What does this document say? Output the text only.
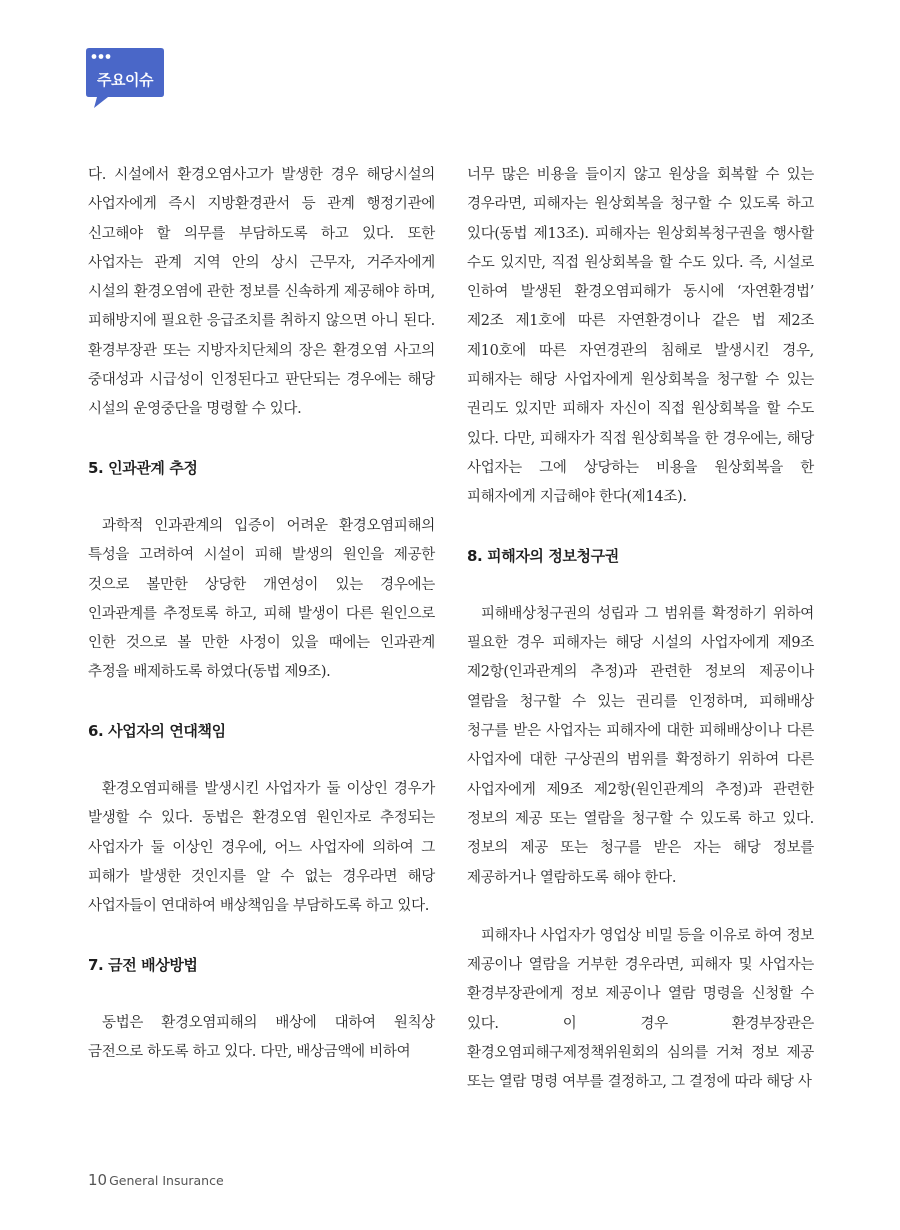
주요이슈

다. 시설에서 환경오염사고가 발생한 경우 해당시설의 사업자에게 즉시 지방환경관서 등 관계 행정기관에 신고해야 할 의무를 부담하도록 하고 있다. 또한 사업자는 관계 지역 안의 상시 근무자, 거주자에게 시설의 환경오염에 관한 정보를 신속하게 제공해야 하며, 피해방지에 필요한 응급조치를 취하지 않으면 아니 된다. 환경부장관 또는 지방자치단체의 장은 환경오염 사고의 중대성과 시급성이 인정된다고 판단되는 경우에는 해당 시설의 운영중단을 명령할 수 있다.

5. 인과관계 추정

과학적 인과관계의 입증이 어려운 환경오염피해의 특성을 고려하여 시설이 피해 발생의 원인을 제공한 것으로 볼만한 상당한 개연성이 있는 경우에는 인과관계를 추정토록 하고, 피해 발생이 다른 원인으로 인한 것으로 볼 만한 사정이 있을 때에는 인과관계 추정을 배제하도록 하였다(동법 제9조).

6. 사업자의 연대책임

환경오염피해를 발생시킨 사업자가 둘 이상인 경우가 발생할 수 있다. 동법은 환경오염 원인자로 추정되는 사업자가 둘 이상인 경우에, 어느 사업자에 의하여 그 피해가 발생한 것인지를 알 수 없는 경우라면 해당 사업자들이 연대하여 배상책임을 부담하도록 하고 있다.

7. 금전 배상방법

동법은 환경오염피해의 배상에 대하여 원칙상 금전으로 하도록 하고 있다. 다만, 배상금액에 비하여

너무 많은 비용을 들이지 않고 원상을 회복할 수 있는 경우라면, 피해자는 원상회복을 청구할 수 있도록 하고 있다(동법 제13조). 피해자는 원상회복청구권을 행사할 수도 있지만, 직접 원상회복을 할 수도 있다. 즉, 시설로 인하여 발생된 환경오염피해가 동시에 ‘자연환경법’ 제2조 제1호에 따른 자연환경이나 같은 법 제2조 제10호에 따른 자연경관의 침해로 발생시킨 경우, 피해자는 해당 사업자에게 원상회복을 청구할 수 있는 권리도 있지만 피해자 자신이 직접 원상회복을 할 수도 있다. 다만, 피해자가 직접 원상회복을 한 경우에는, 해당 사업자는 그에 상당하는 비용을 원상회복을 한 피해자에게 지급해야 한다(제14조).

8. 피해자의 정보청구권

피해배상청구권의 성립과 그 범위를 확정하기 위하여 필요한 경우 피해자는 해당 시설의 사업자에게 제9조 제2항(인과관계의 추정)과 관련한 정보의 제공이나 열람을 청구할 수 있는 권리를 인정하며, 피해배상 청구를 받은 사업자는 피해자에 대한 피해배상이나 다른 사업자에 대한 구상권의 범위를 확정하기 위하여 다른 사업자에게 제9조 제2항(원인관계의 추정)과 관련한 정보의 제공 또는 열람을 청구할 수 있도록 하고 있다. 정보의 제공 또는 청구를 받은 자는 해당 정보를 제공하거나 열람하도록 해야 한다.

피해자나 사업자가 영업상 비밀 등을 이유로 하여 정보 제공이나 열람을 거부한 경우라면, 피해자 및 사업자는 환경부장관에게 정보 제공이나 열람 명령을 신청할 수 있다. 이 경우 환경부장관은 환경오염피해구제정책위원회의 심의를 거쳐 정보 제공 또는 열람 명령 여부를 결정하고, 그 결정에 따라 해당 사

10 General Insurance
